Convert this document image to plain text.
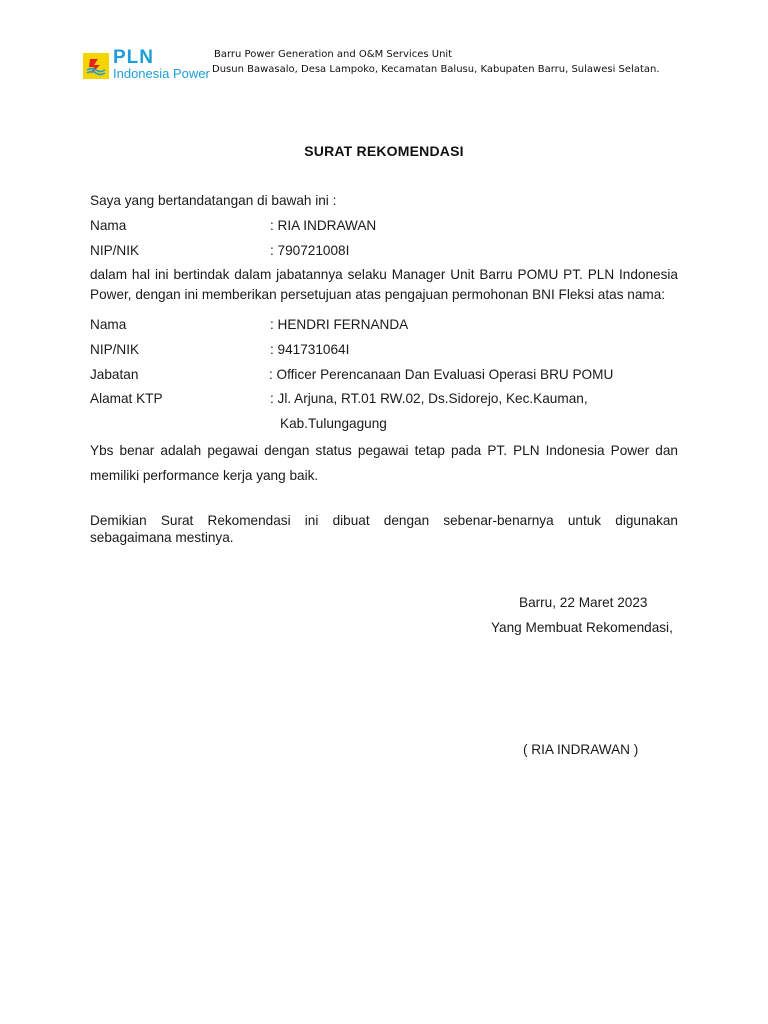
PLN
Indonesia Power
Barru Power Generation and O&M Services Unit
Dusun Bawasalo, Desa Lampoko, Kecamatan Balusu, Kabupaten Barru, Sulawesi Selatan.
SURAT REKOMENDASI
Saya yang bertandatangan di bawah ini :
Nama	: RIA INDRAWAN
NIP/NIK	: 790721008I
dalam hal ini bertindak dalam jabatannya selaku Manager Unit Barru POMU PT. PLN Indonesia Power, dengan ini memberikan persetujuan atas pengajuan permohonan BNI Fleksi atas nama:
Nama	: HENDRI FERNANDA
NIP/NIK	: 941731064I
Jabatan	: Officer Perencanaan Dan Evaluasi Operasi BRU POMU
Alamat KTP	: Jl. Arjuna, RT.01 RW.02, Ds.Sidorejo, Kec.Kauman,
Kab.Tulungagung
Ybs benar adalah pegawai dengan status pegawai tetap pada PT. PLN Indonesia Power dan memiliki performance kerja yang baik.
Demikian Surat Rekomendasi ini dibuat dengan sebenar-benarnya untuk digunakan sebagaimana mestinya.
Barru, 22 Maret 2023
Yang Membuat Rekomendasi,
( RIA INDRAWAN )
